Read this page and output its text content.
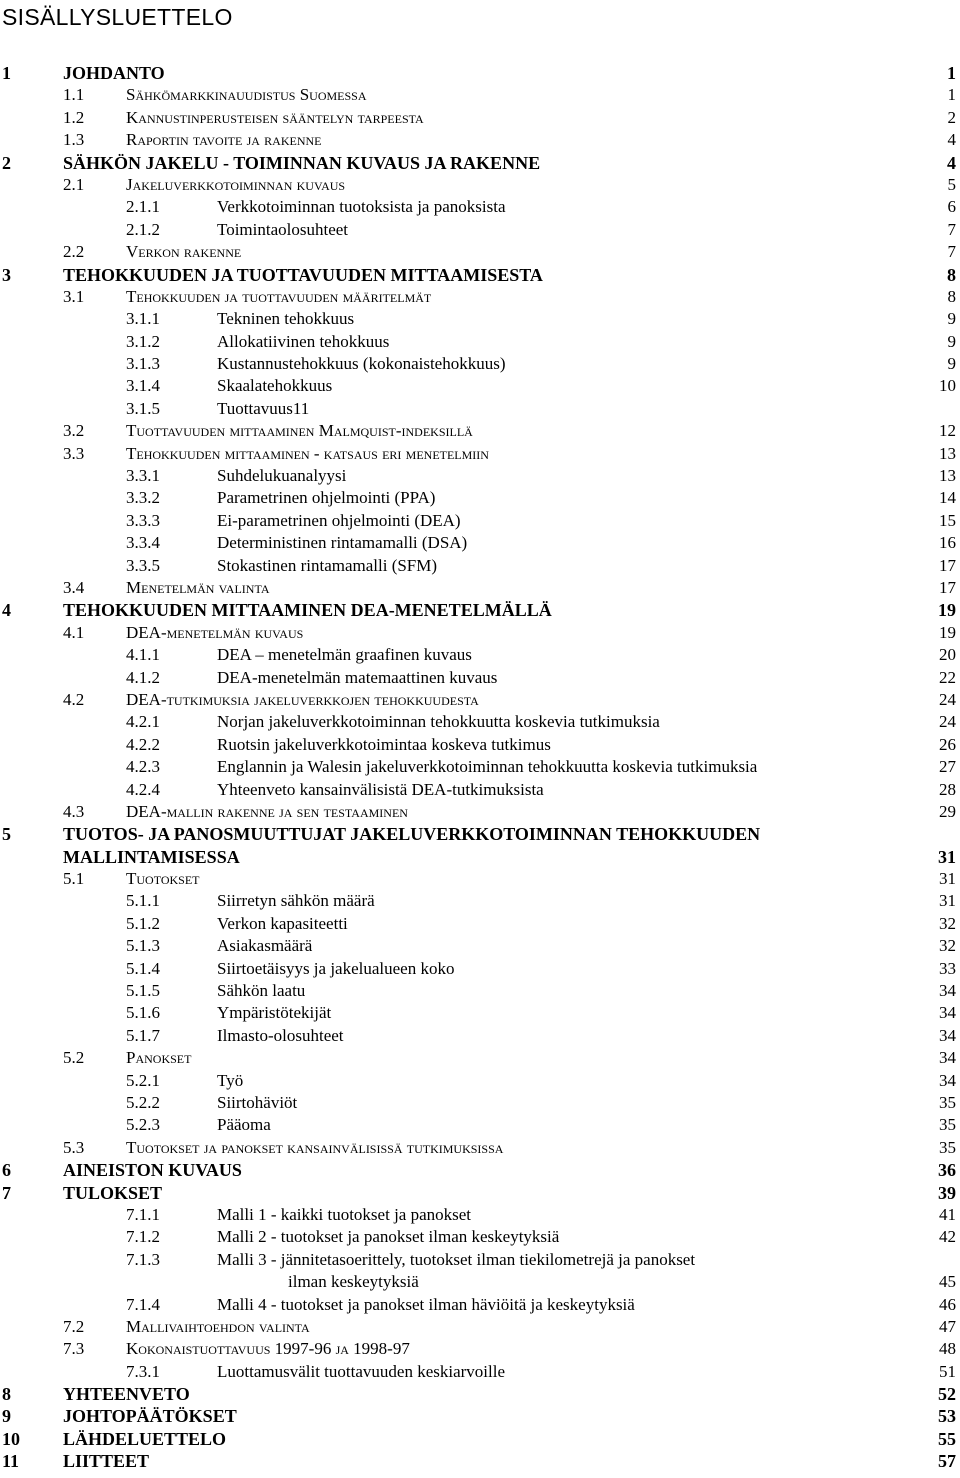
SISÄLLYSLUETTELO
1	JOHDANTO	1
1.1 Sähkömarkkinauudistus Suomessa	1
1.2 Kannustinperusteisen sääntelyn tarpeesta	2
1.3 Raportin tavoite ja rakenne	4
2	SÄHKÖN JAKELU - TOIMINNAN KUVAUS JA RAKENNE	4
2.1 Jakeluverkkotoiminnan kuvaus	5
2.1.1	Verkkotoiminnan tuotoksista ja panoksista	6
2.1.2	Toimintaolosuhteet	7
2.2 Verkon rakenne	7
3	TEHOKKUUDEN JA TUOTTAVUUDEN MITTAAMISESTA	8
3.1 Tehokkuuden ja tuottavuuden määritelmät	8
3.1.1	Tekninen tehokkuus	9
3.1.2	Allokatiivinen tehokkuus	9
3.1.3	Kustannustehokkuus (kokonaistehokkuus)	9
3.1.4	Skaalatehokkuus	10
3.1.5	Tuottavuus11
3.2 Tuottavuuden mittaaminen Malmquist-indeksillä	12
3.3 Tehokkuuden mittaaminen - katsaus eri menetelmiin	13
3.3.1	Suhdelukuanalyysi	13
3.3.2	Parametrinen ohjelmointi (PPA)	14
3.3.3	Ei-parametrinen ohjelmointi (DEA)	15
3.3.4	Deterministinen rintamamalli (DSA)	16
3.3.5	Stokastinen rintamamalli (SFM)	17
3.4 Menetelmän valinta	17
4	TEHOKKUUDEN MITTAAMINEN DEA-MENETELMÄLLÄ	19
4.1 DEA-menetelmän kuvaus	19
4.1.1	DEA – menetelmän graafinen kuvaus	20
4.1.2	DEA-menetelmän matemaattinen kuvaus	22
4.2 DEA-tutkimuksia jakeluverkkojen tehokkuudesta	24
4.2.1	Norjan jakeluverkkotoiminnan tehokkuutta koskevia tutkimuksia	24
4.2.2	Ruotsin jakeluverkkotoimintaa koskeva tutkimus	26
4.2.3	Englannin ja Walesin jakeluverkkotoiminnan tehokkuutta koskevia tutkimuksia	27
4.2.4	Yhteenveto kansainvälisistä DEA-tutkimuksista	28
4.3 DEA-mallin rakenne ja sen testaaminen	29
5	TUOTOS- JA PANOSMUUTTUJAT JAKELUVERKKOTOIMINNAN TEHOKKUUDEN MALLINTAMISESSA	31
5.1 Tuotokset	31
5.1.1	Siirretyn sähkön määrä	31
5.1.2	Verkon kapasiteetti	32
5.1.3	Asiakasmäärä	32
5.1.4	Siirtoetäisyys ja jakelualueen koko	33
5.1.5	Sähkön laatu	34
5.1.6	Ympäristötekijät	34
5.1.7	Ilmasto-olosuhteet	34
5.2 Panokset	34
5.2.1	Työ	34
5.2.2	Siirtohäviöt	35
5.2.3	Pääoma	35
5.3 Tuotokset ja panokset kansainvälisissä tutkimuksissa	35
6	AINEISTON KUVAUS	36
7	TULOKSET	39
7.1.1	Malli 1 - kaikki tuotokset ja panokset	41
7.1.2	Malli 2 - tuotokset ja panokset ilman keskeytyksiä	42
7.1.3	Malli 3 - jännitetasoerittely, tuotokset ilman tiekilometrejä ja panokset
ilman keskeytyksiä	45
7.1.4	Malli 4 - tuotokset ja panokset ilman häviöitä ja keskeytyksiä	46
7.2 Mallivaihtoehdon valinta	47
7.3 Kokonaistuottavuus 1997-96 ja 1998-97	48
7.3.1	Luottamusvälit tuottavuuden keskiarvoille	51
8	YHTEENVETO	52
9	JOHTOPÄÄTÖKSET	53
10 LÄHDELUETTELO	55
11 LIITTEET	57
